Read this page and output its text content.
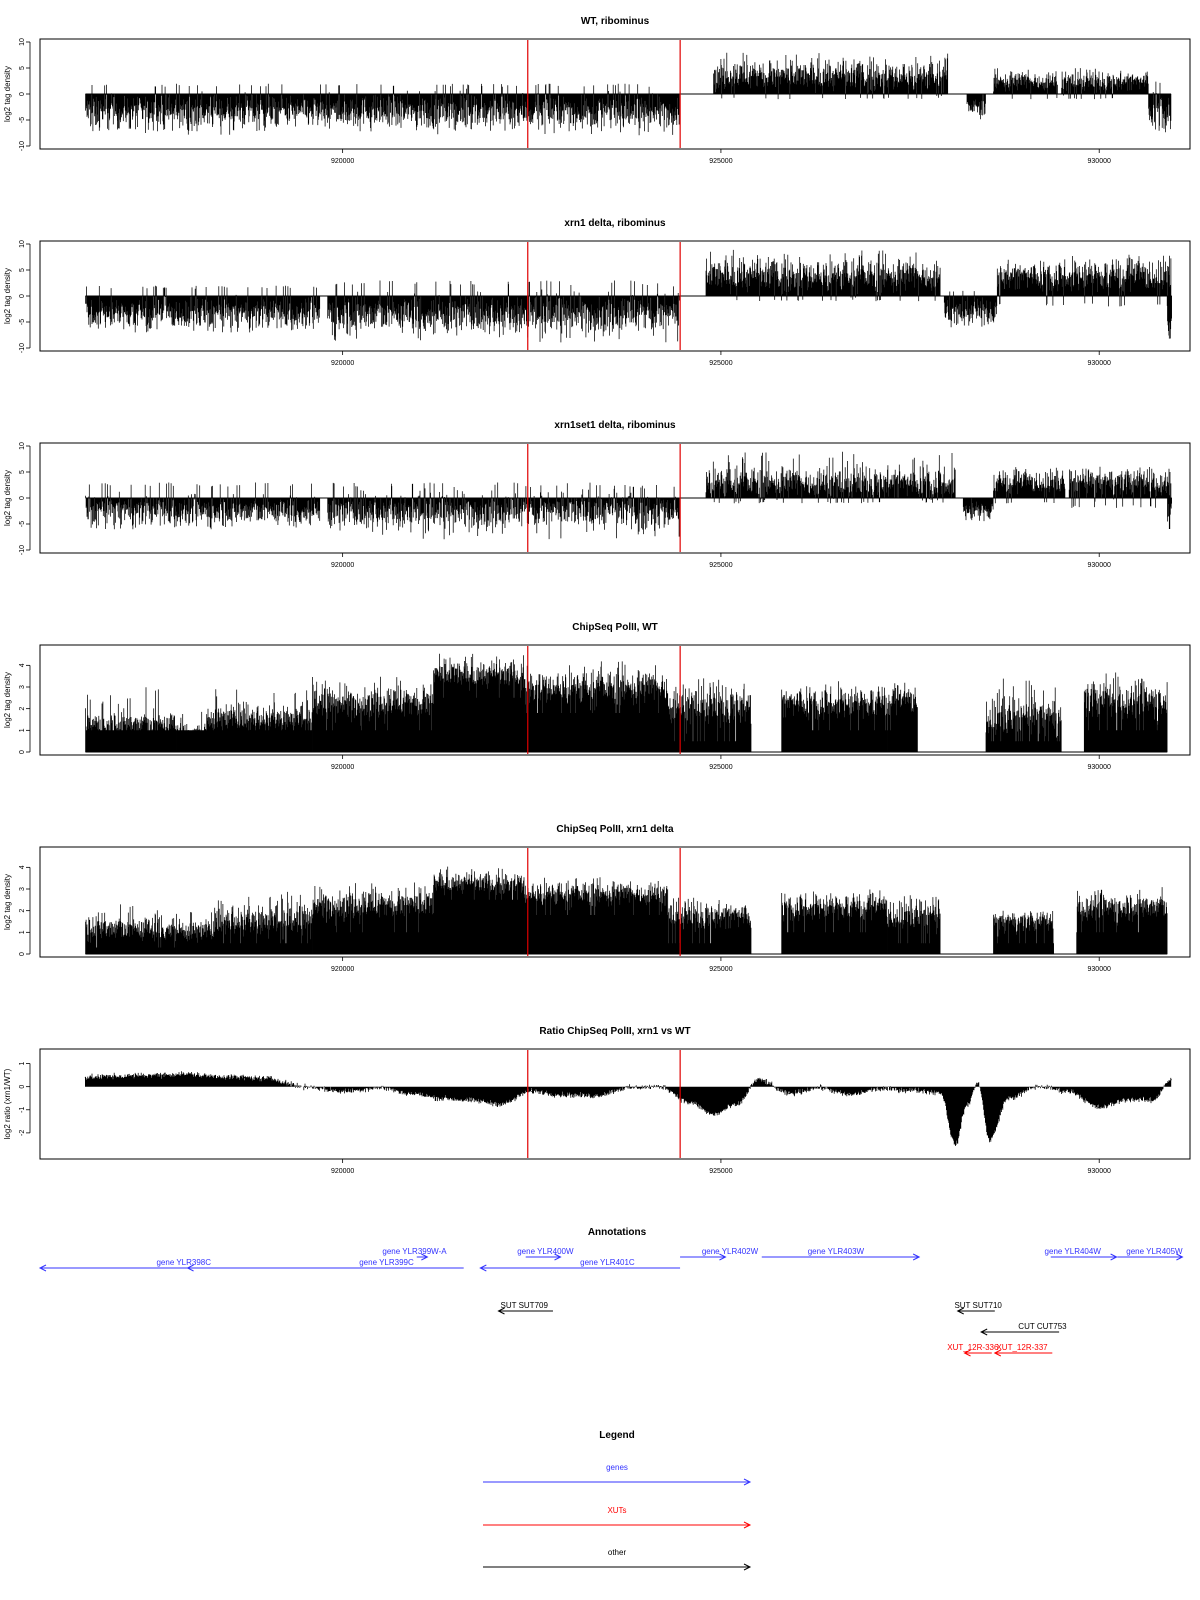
WT, ribominus
log2 tag density
-10
-5
0
5
10
920000	925000	930000
xrn1 delta, ribominus
log2 tag density
-10
-5
0
5
10
920000	925000	930000
xrn1set1 delta, ribominus
log2 tag density
-10
-5
0
5
10
920000	925000	930000
ChipSeq PolII, WT
log2 tag density
0
1
2
3
4
920000	925000	930000
ChipSeq PolII, xrn1 delta
log2 tag density
0
1
2
3
4
920000	925000	930000
Ratio ChipSeq PolII, xrn1 vs WT
log2 ratio (xrn1/WT) -2
-1
0
1
920000	925000	930000
Annotations
gene YLR398C
gene YLR399W-A
gene YLR399C
gene YLR400W
gene YLR401C
gene YLR402W	gene YLR403W	gene YLR404W	gene YLR405W
SUT SUT709	SUT SUT710
CUT CUT753
XUT_12R-336
XUT_12R-337
Legend
genes
XUTs
other
